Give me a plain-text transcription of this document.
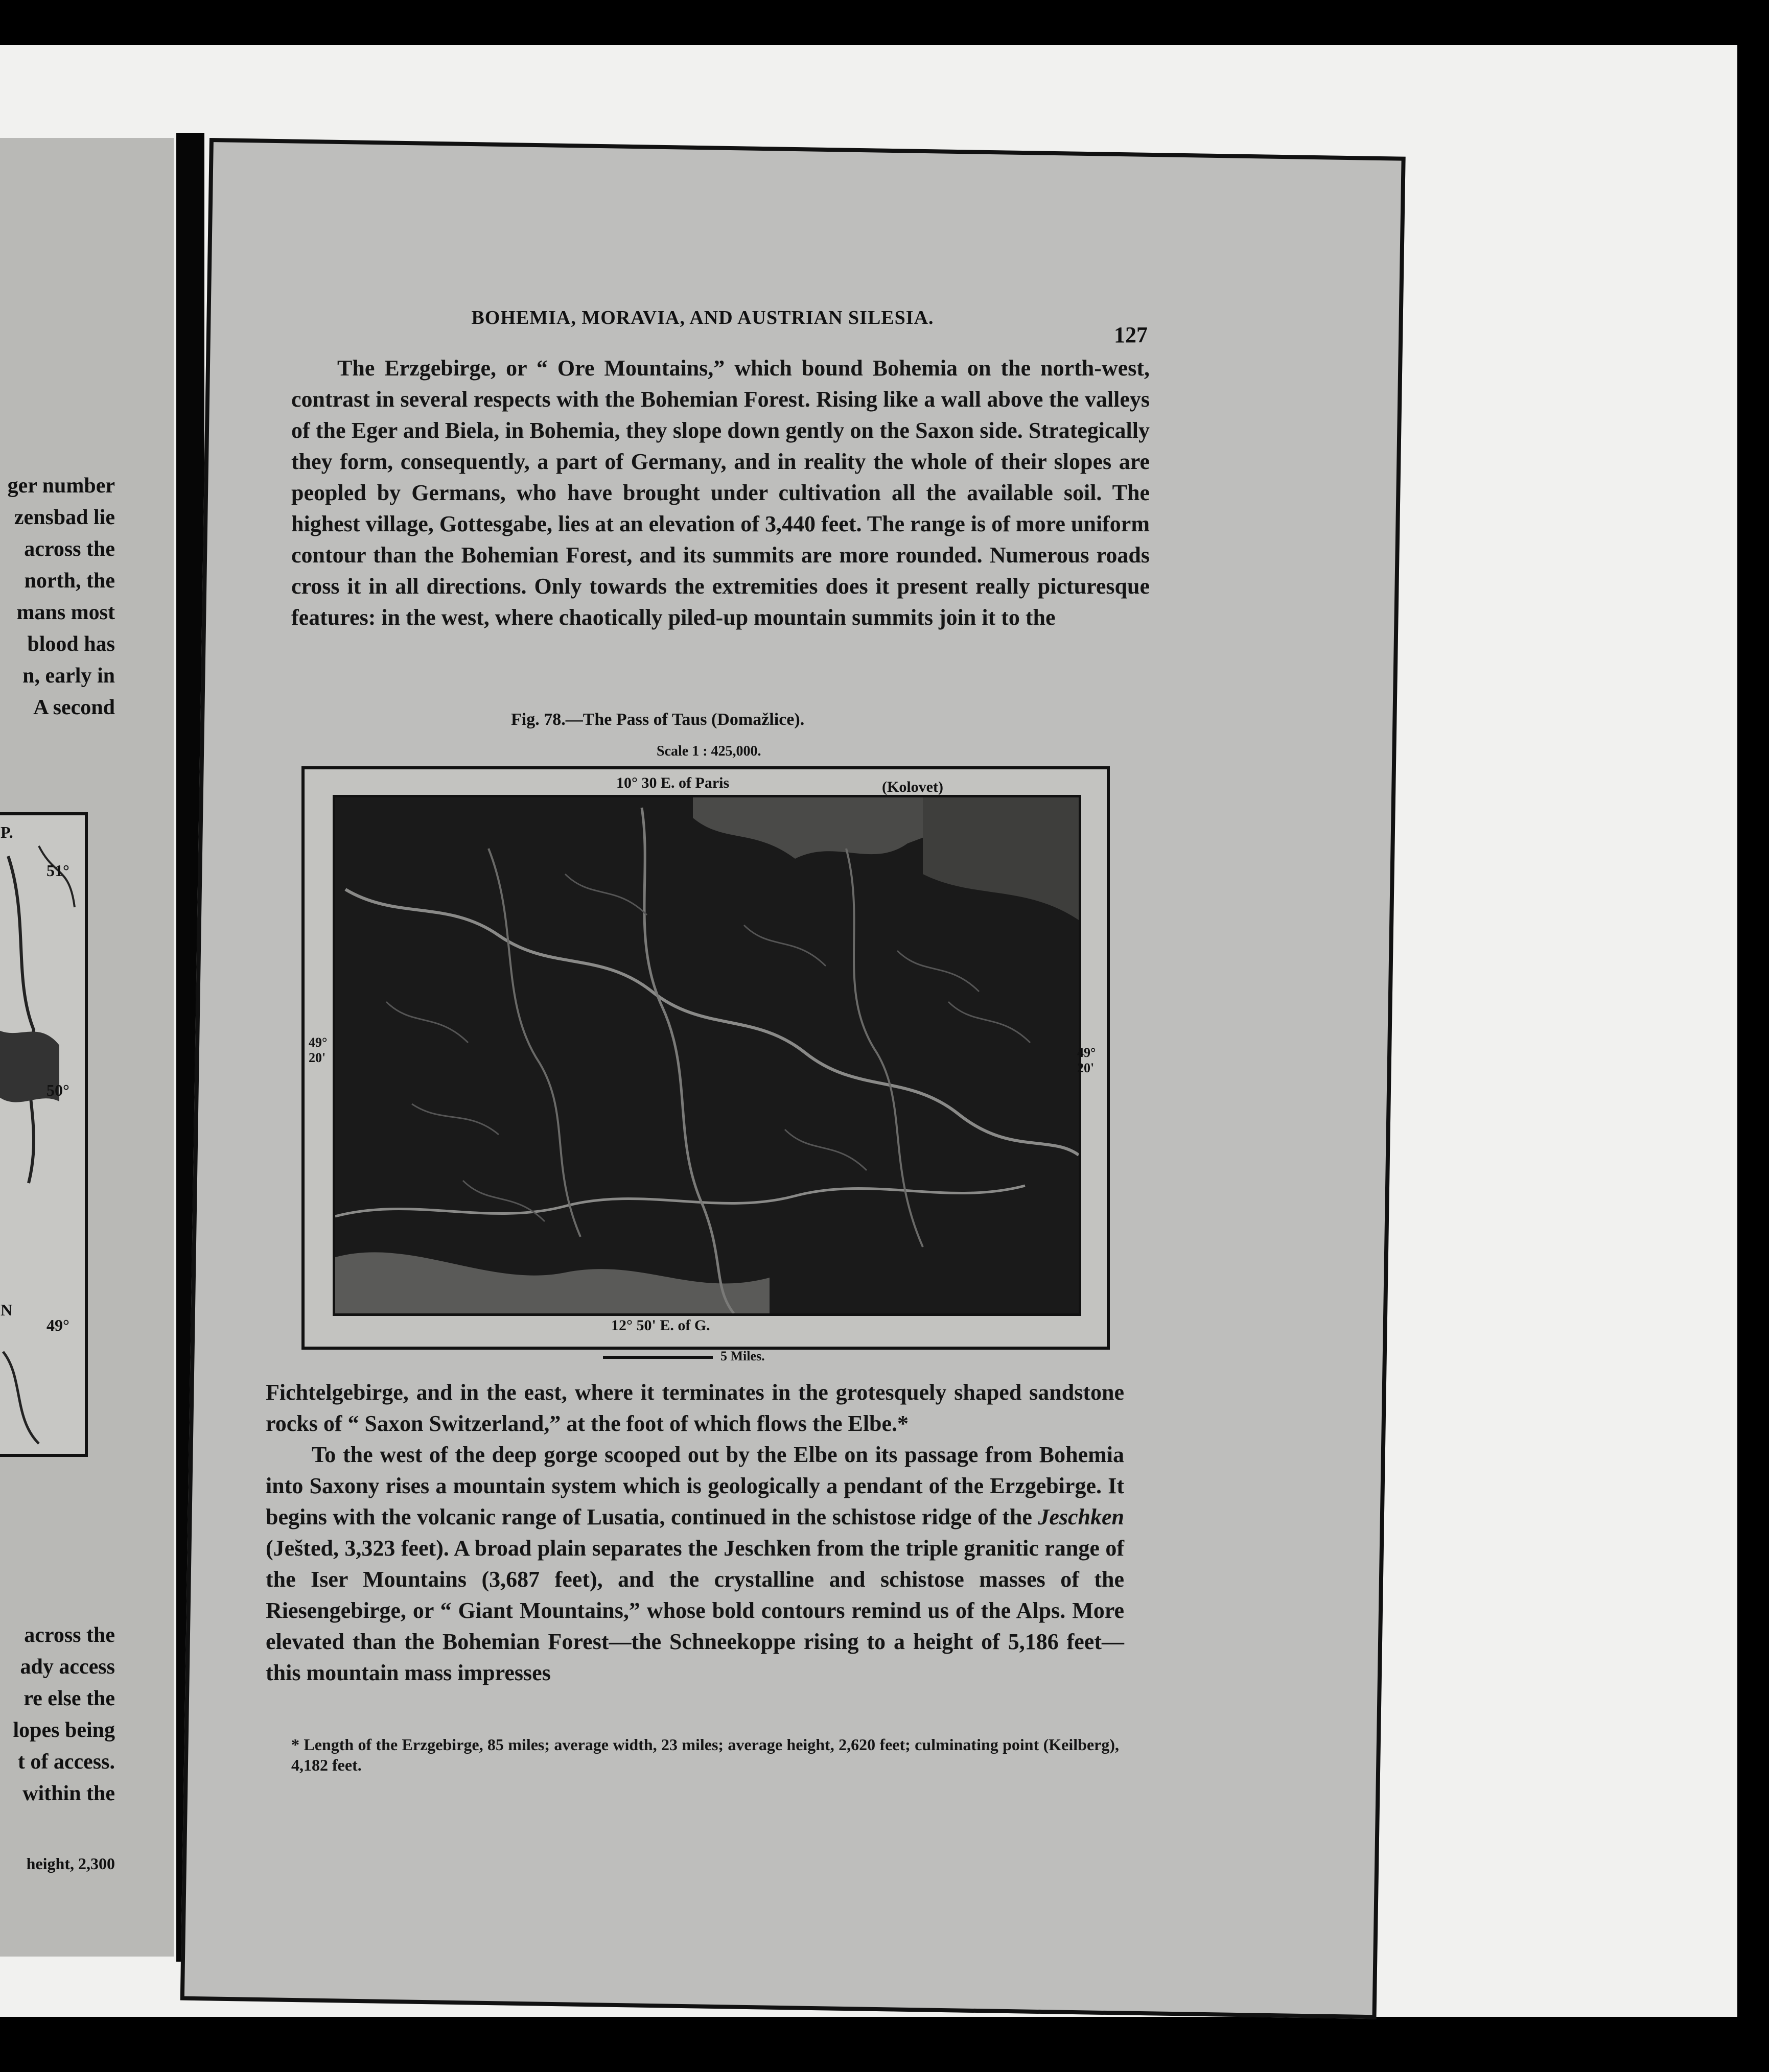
ger number
zensbad lie
across the
north, the
mans most
blood has
n, early in
A second
P.
51°
50°
N
49°
across the
ady access
re else the
lopes being
t of access.
within the
height, 2,300
BOHEMIA, MORAVIA, AND AUSTRIAN SILESIA.
127

The Erzgebirge, or “ Ore Mountains,” which bound Bohemia on the north-west, contrast in several respects with the Bohemian Forest. Rising like a wall above the valleys of the Eger and Biela, in Bohemia, they slope down gently on the Saxon side. Strategically they form, consequently, a part of Germany, and in reality the whole of their slopes are peopled by Germans, who have brought under cultivation all the available soil. The highest village, Gottesgabe, lies at an elevation of 3,440 feet. The range is of more uniform contour than the Bohemian Forest, and its summits are more rounded. Numerous roads cross it in all directions. Only towards the extremities does it present really picturesque features: in the west, where chaotically piled-up mountain summits join it to the

Fig. 78.—The Pass of Taus (Domažlice).
Scale 1 : 425,000.
10° 30 E. of Paris	(Kolovet)
49° 20'	49° 20'
12° 50' E. of G.
5 Miles.

Fichtelgebirge, and in the east, where it terminates in the grotesquely shaped sandstone rocks of “ Saxon Switzerland,” at the foot of which flows the Elbe.*

To the west of the deep gorge scooped out by the Elbe on its passage from Bohemia into Saxony rises a mountain system which is geologically a pendant of the Erzgebirge. It begins with the volcanic range of Lusatia, continued in the schistose ridge of the Jeschken (Ješted, 3,323 feet). A broad plain separates the Jeschken from the triple granitic range of the Iser Mountains (3,687 feet), and the crystalline and schistose masses of the Riesengebirge, or “ Giant Mountains,” whose bold contours remind us of the Alps. More elevated than the Bohemian Forest—the Schneekoppe rising to a height of 5,186 feet—this mountain mass impresses

* Length of the Erzgebirge, 85 miles; average width, 23 miles; average height, 2,620 feet; culminating point (Keilberg), 4,182 feet.
